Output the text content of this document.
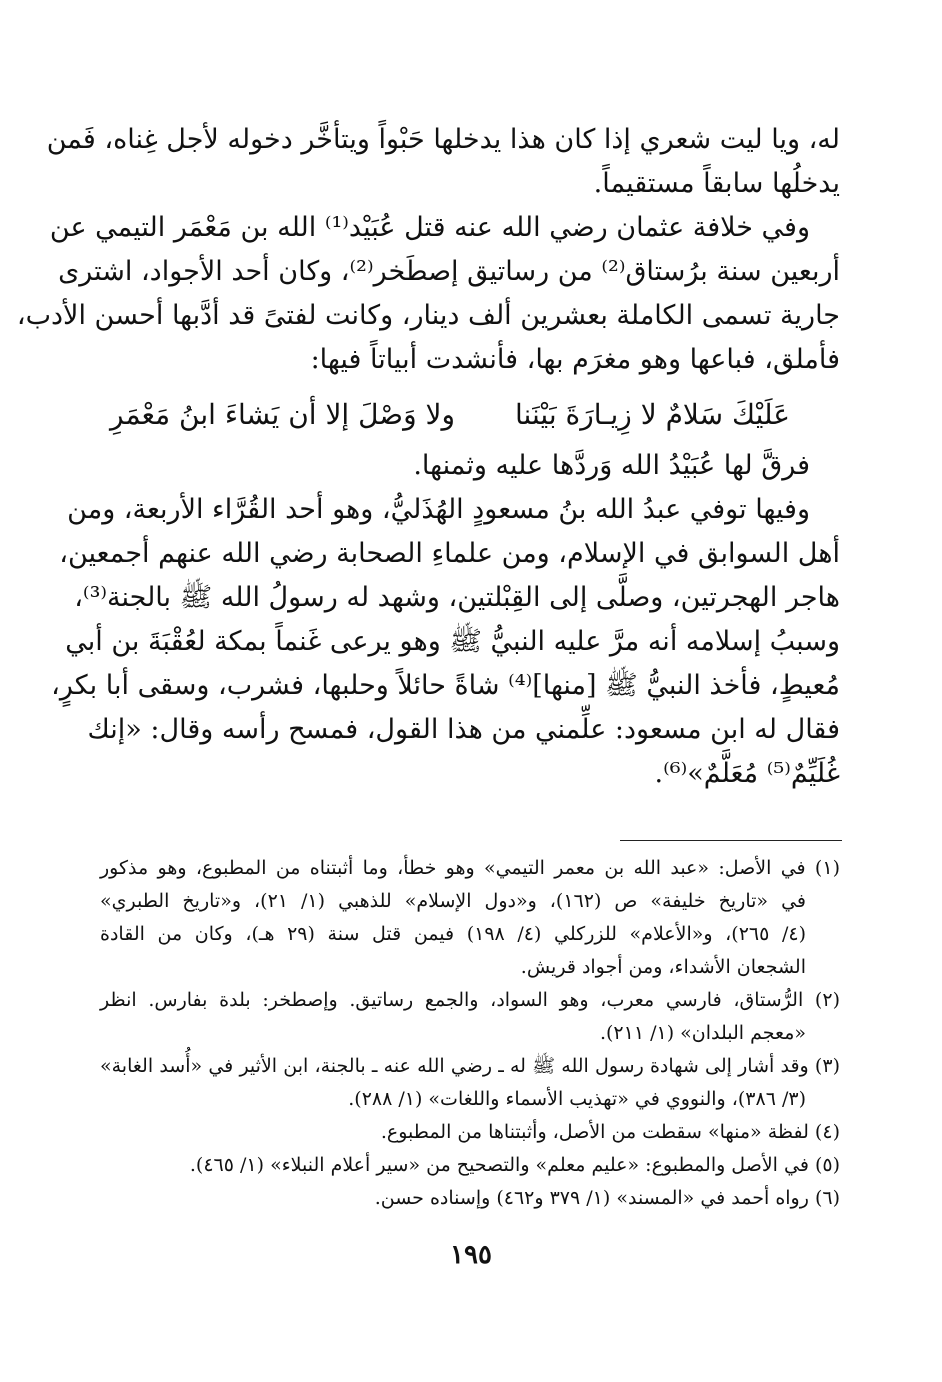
له، ويا ليت شعري إذا كان هذا يدخلها حَبْواً ويتأخَّر دخوله لأجل غِناه، فَمن

يدخلُها سابقاً مستقيماً.

وفي خلافة عثمان رضي الله عنه قتل عُبَيْد⁽¹⁾ الله بن مَعْمَر التيمي عن

أربعين سنة برُستاق⁽²⁾ من رساتيق إصطَخر⁽²⁾، وكان أحد الأجواد، اشترى

جارية تسمى الكاملة بعشرين ألف دينار، وكانت لفتىً قد أدَّبها أحسن الأدب،

فأملق، فباعها وهو مغرَم بها، فأنشدت أبياتاً فيها:

عَلَيْكَ سَلامٌ لا زِيـارَةَ بَيْنَنا
ولا وَصْلَ إلا أن يَشاءَ ابنُ مَعْمَرِ

فرقَّ لها عُبَيْدُ الله وَردَّها عليه وثمنها.

وفيها توفي عبدُ الله بنُ مسعودٍ الهُذَليُّ، وهو أحد القُرَّاء الأربعة، ومن

أهل السوابق في الإسلام، ومن علماءِ الصحابة رضي الله عنهم أجمعين،

هاجر الهجرتين، وصلَّى إلى القِبْلتين، وشهد له رسولُ الله ﷺ بالجنة⁽³⁾،

وسببُ إسلامه أنه مرَّ عليه النبيُّ ﷺ وهو يرعى غَنماً بمكة لعُقْبَةَ بن أبي

مُعيطٍ، فأخذ النبيُّ ﷺ [منها]⁽⁴⁾ شاةً حائلاً وحلبها، فشرب، وسقى أبا بكرٍ،

فقال له ابن مسعود: علِّمني من هذا القول، فمسح رأسه وقال: «إنك

غُلَيِّمٌ⁽⁵⁾ مُعَلَّمٌ»⁽⁶⁾.

(١) في الأصل: «عبد الله بن معمر التيمي» وهو خطأ، وما أثبتناه من المطبوع، وهو مذكور

في «تاريخ خليفة» ص (١٦٢)، و«دول الإسلام» للذهبي (١/ ٢١)، و«تاريخ الطبري»

(٤/ ٢٦٥)، و«الأعلام» للزركلي (٤/ ١٩٨) فيمن قتل سنة (٢٩ هـ)، وكان من القادة

الشجعان الأشداء، ومن أجواد قريش.

(٢) الرُّستاق، فارسي معرب، وهو السواد، والجمع رساتيق. وإصطخر: بلدة بفارس. انظر

«معجم البلدان» (١/ ٢١١).

(٣) وقد أشار إلى شهادة رسول الله ﷺ له ـ رضي الله عنه ـ بالجنة، ابن الأثير في «أُسد الغابة»

(٣/ ٣٨٦)، والنووي في «تهذيب الأسماء واللغات» (١/ ٢٨٨).

(٤) لفظة «منها» سقطت من الأصل، وأثبتناها من المطبوع.

(٥) في الأصل والمطبوع: «عليم معلم» والتصحيح من «سير أعلام النبلاء» (١/ ٤٦٥).

(٦) رواه أحمد في «المسند» (١/ ٣٧٩ و٤٦٢) وإسناده حسن.

١٩٥
